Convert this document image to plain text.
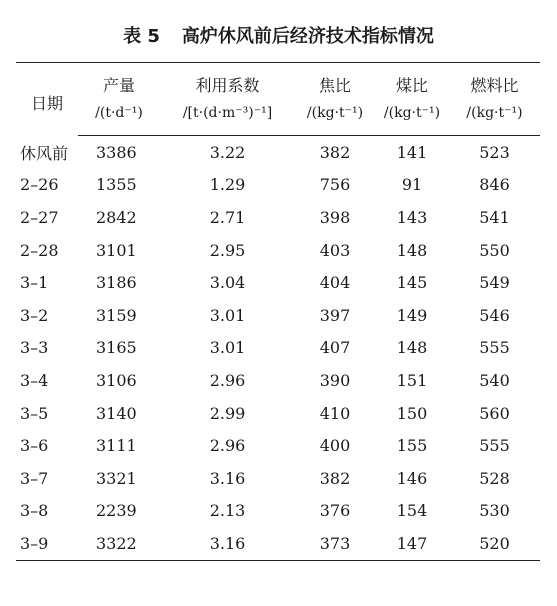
表 5 高炉休风前后经济技术指标情况
日期	产量	利用系数	焦比	煤比	燃料比
	/(t·d⁻¹)	/[t·(d·m⁻³)⁻¹]	/(kg·t⁻¹)	/(kg·t⁻¹)	/(kg·t⁻¹)
休风前	3386	3.22	382	141	523
2–26	1355	1.29	756	91	846
2–27	2842	2.71	398	143	541
2–28	3101	2.95	403	148	550
3–1	3186	3.04	404	145	549
3–2	3159	3.01	397	149	546
3–3	3165	3.01	407	148	555
3–4	3106	2.96	390	151	540
3–5	3140	2.99	410	150	560
3–6	3111	2.96	400	155	555
3–7	3321	3.16	382	146	528
3–8	2239	2.13	376	154	530
3–9	3322	3.16	373	147	520
